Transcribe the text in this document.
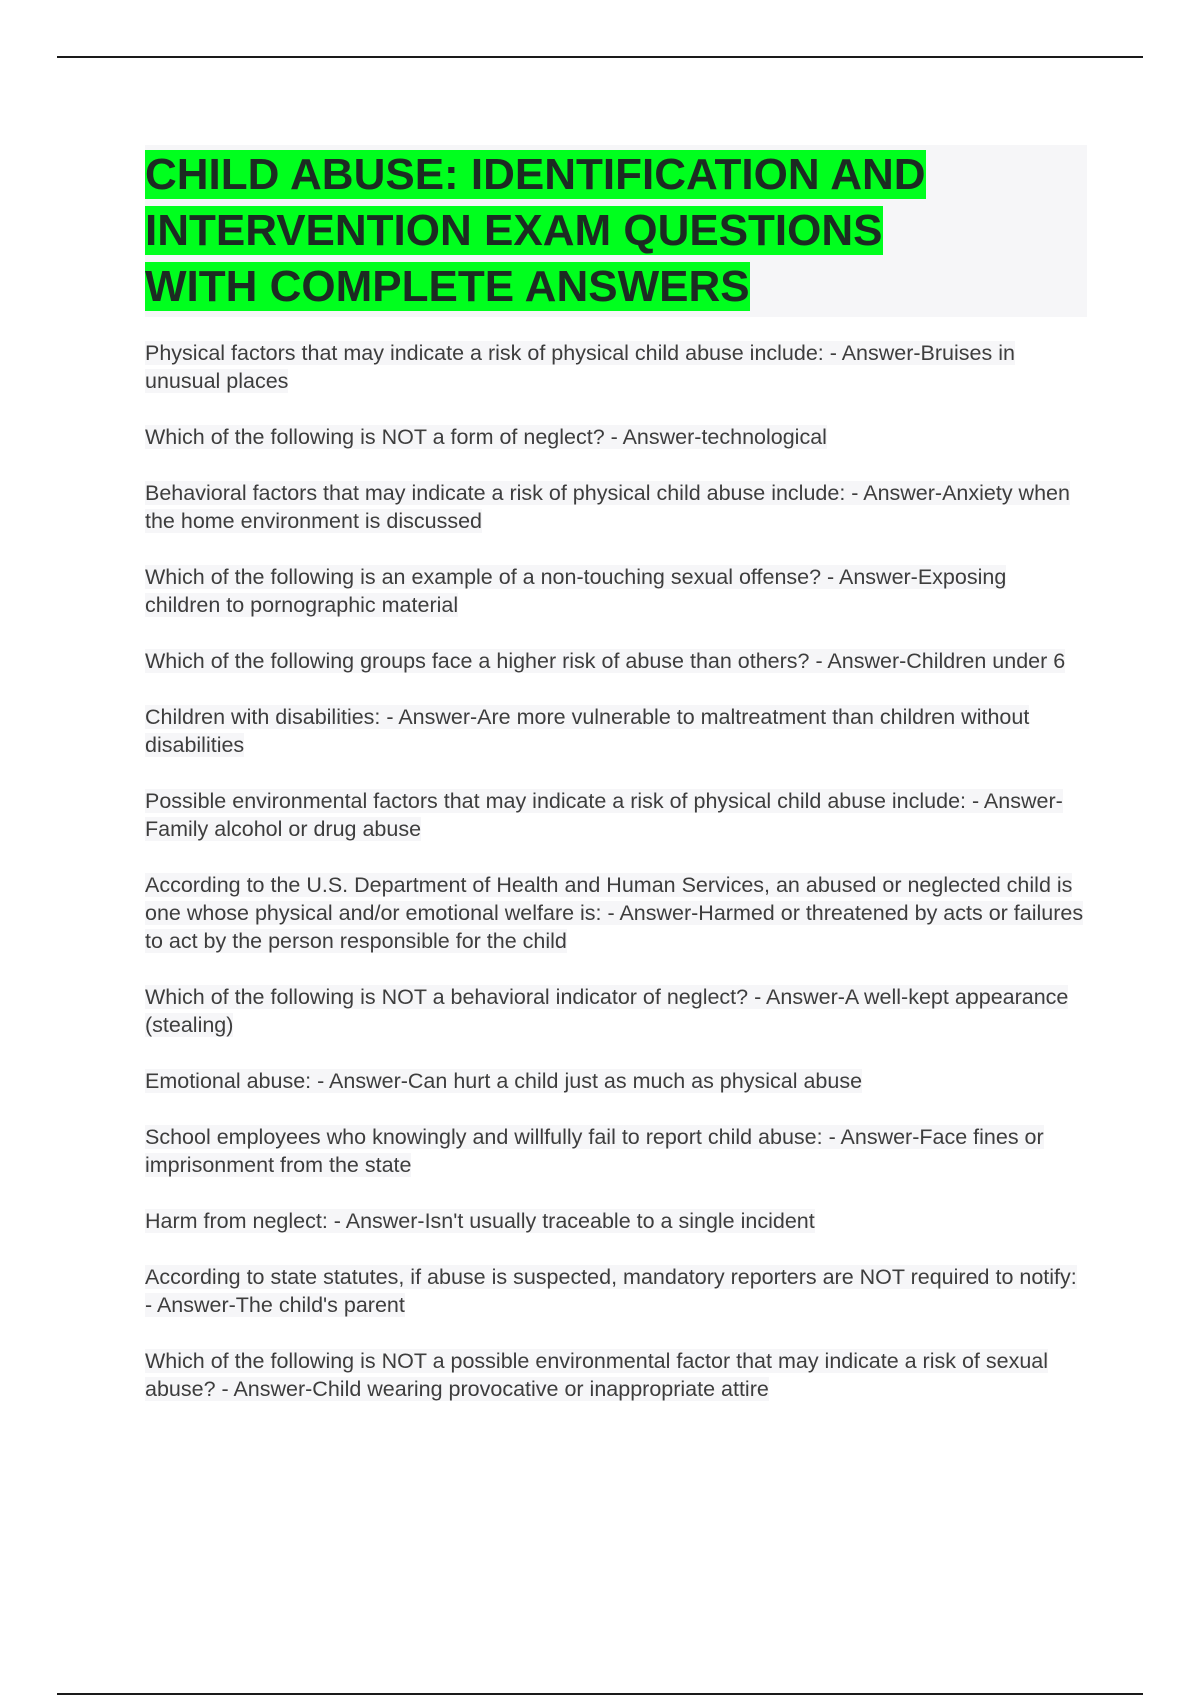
CHILD ABUSE: IDENTIFICATION AND
INTERVENTION EXAM QUESTIONS
WITH COMPLETE ANSWERS

Physical factors that may indicate a risk of physical child abuse include: - Answer-Bruises in unusual places

Which of the following is NOT a form of neglect? - Answer-technological

Behavioral factors that may indicate a risk of physical child abuse include: - Answer-Anxiety when the home environment is discussed

Which of the following is an example of a non-touching sexual offense? - Answer-Exposing children to pornographic material

Which of the following groups face a higher risk of abuse than others? - Answer-Children under 6

Children with disabilities: - Answer-Are more vulnerable to maltreatment than children without disabilities

Possible environmental factors that may indicate a risk of physical child abuse include: - Answer-Family alcohol or drug abuse

According to the U.S. Department of Health and Human Services, an abused or neglected child is one whose physical and/or emotional welfare is: - Answer-Harmed or threatened by acts or failures to act by the person responsible for the child

Which of the following is NOT a behavioral indicator of neglect? - Answer-A well-kept appearance (stealing)

Emotional abuse: - Answer-Can hurt a child just as much as physical abuse

School employees who knowingly and willfully fail to report child abuse: - Answer-Face fines or imprisonment from the state

Harm from neglect: - Answer-Isn't usually traceable to a single incident

According to state statutes, if abuse is suspected, mandatory reporters are NOT required to notify: - Answer-The child's parent

Which of the following is NOT a possible environmental factor that may indicate a risk of sexual abuse? - Answer-Child wearing provocative or inappropriate attire
